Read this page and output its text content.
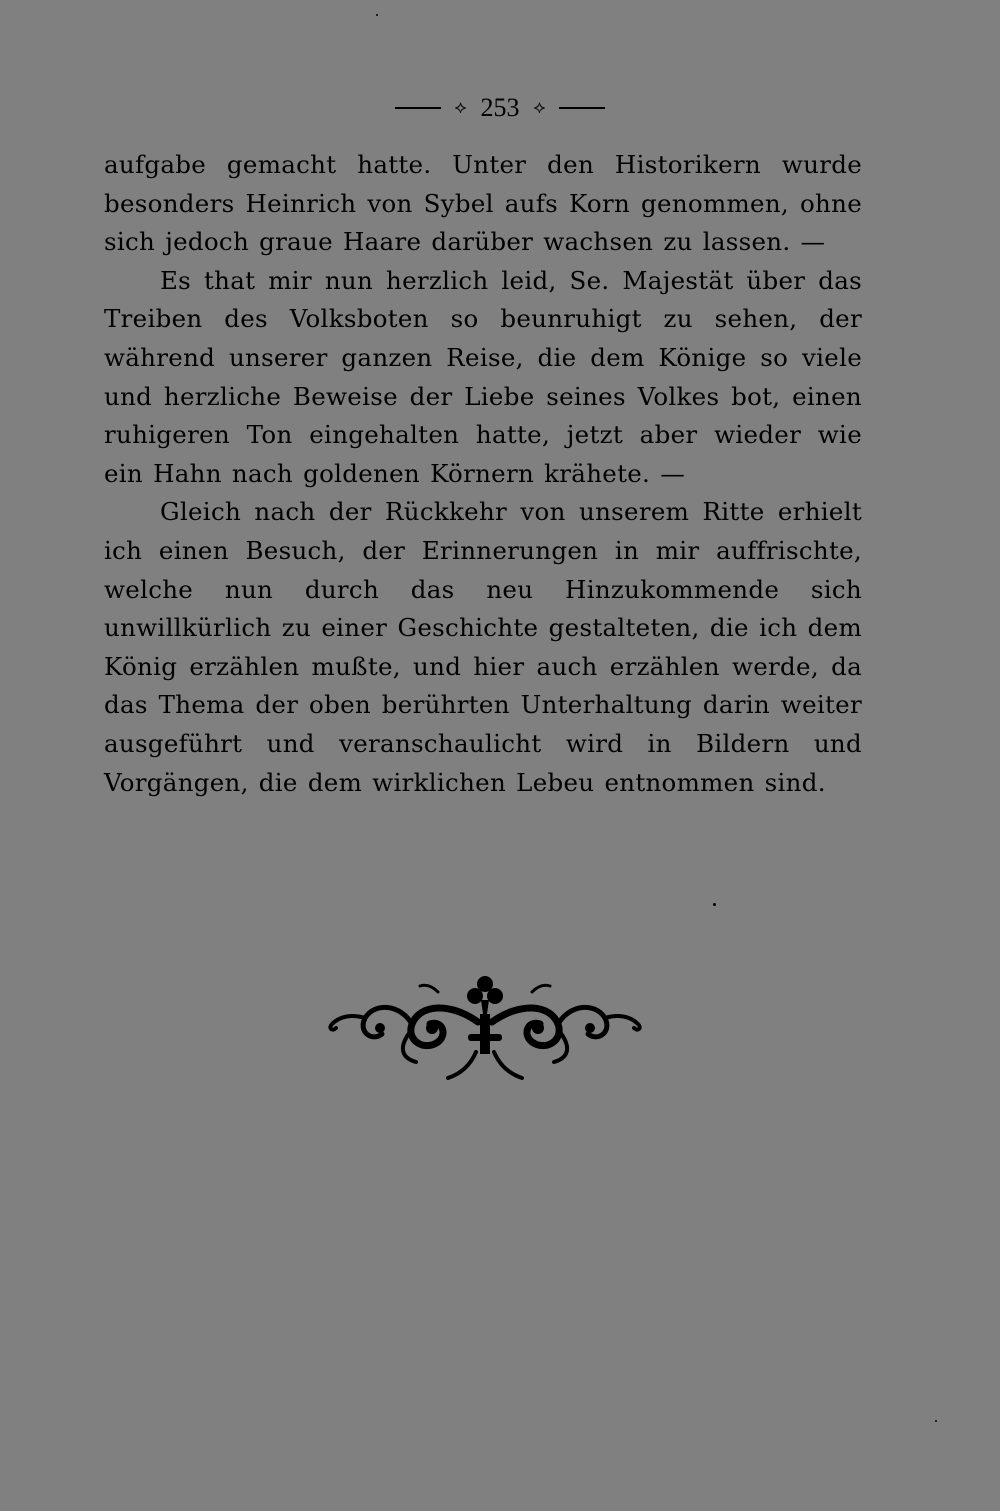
⟡ 253 ⟡

aufgabe gemacht hatte. Unter den Historikern wurde besonders Heinrich von Sybel aufs Korn genommen, ohne sich jedoch graue Haare darüber wachsen zu lassen. —

Es that mir nun herzlich leid, Se. Majestät über das Treiben des Volksboten so beunruhigt zu sehen, der während unserer ganzen Reise, die dem Könige so viele und herzliche Beweise der Liebe seines Volkes bot, einen ruhigeren Ton eingehalten hatte, jetzt aber wieder wie ein Hahn nach goldenen Körnern krähete. —

Gleich nach der Rückkehr von unserem Ritte erhielt ich einen Besuch, der Erinnerungen in mir auffrischte, welche nun durch das neu Hinzukommende sich unwillkürlich zu einer Geschichte gestalteten, die ich dem König erzählen mußte, und hier auch erzählen werde, da das Thema der oben berührten Unterhaltung darin weiter ausgeführt und veranschaulicht wird in Bildern und Vorgängen, die dem wirklichen Lebeu entnommen sind.
